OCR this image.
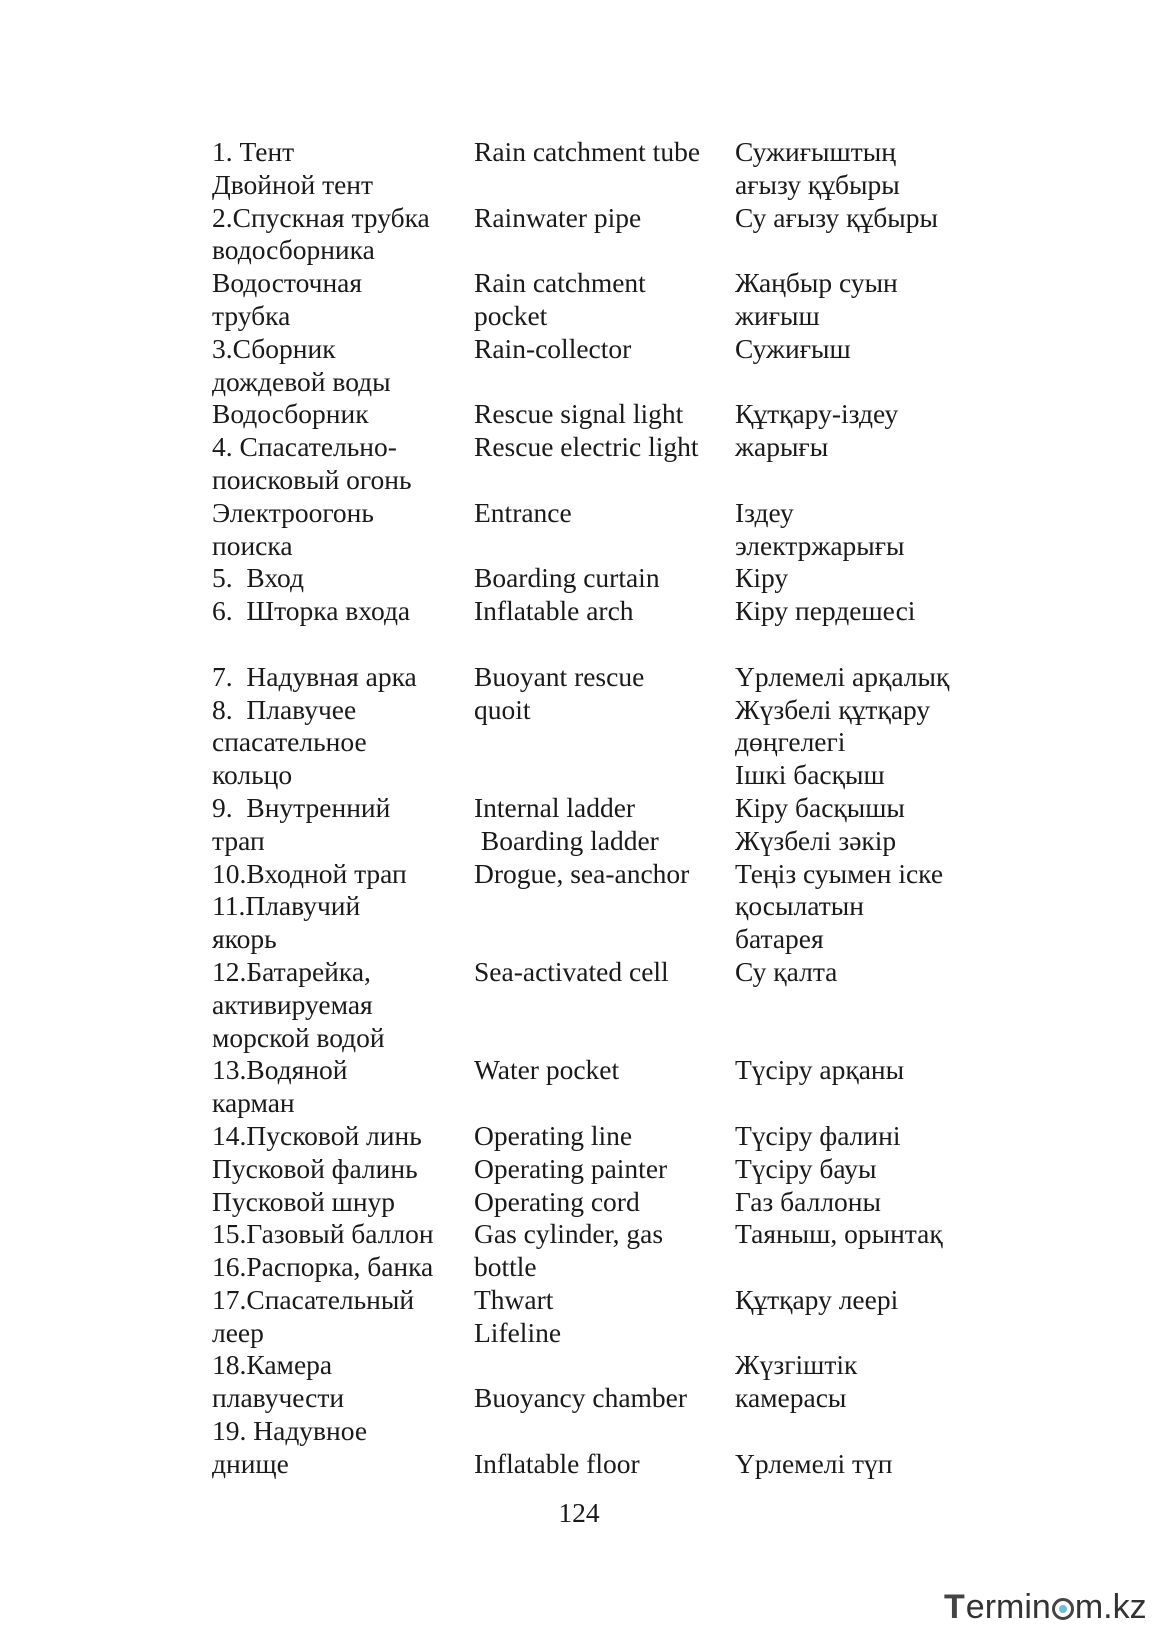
1. Тент
Двойной тент
2.Спускная трубка
водосборника
Водосточная
трубка
3.Сборник
дождевой воды
Водосборник
4. Спасательно-
поисковый огонь
Электроогонь
поиска
5.  Вход
6.  Шторка входа
7.  Надувная арка
8.  Плавучее
спасательное
кольцо
9.  Внутренний
трап
10.Входной трап
11.Плавучий
якорь
12.Батарейка,
активируемая
морской водой
13.Водяной
карман
14.Пусковой линь
Пусковой фалинь
Пусковой шнур
15.Газовый баллон
16.Распорка, банка
17.Спасательный
леер
18.Камера
плавучести
19. Надувное
днище
Rain catchment tube
Rainwater pipe
Rain catchment
pocket
Rain-collector
Rescue signal light
Rescue electric light
Entrance
Boarding curtain
Inflatable arch
Buoyant rescue
quoit
Internal ladder
Boarding ladder
Drogue, sea-anchor
Sea-activated cell
Water pocket
Operating line
Operating painter
Operating cord
Gas cylinder, gas
bottle
Thwart
Lifeline
Buoyancy chamber
Inflatable floor
Сужиғыштың
ағызу құбыры
Су ағызу құбыры
Жаңбыр суын
жиғыш
Сужиғыш
Құтқару-іздеу
жарығы
Іздеу
электржарығы
Кіру
Кіру пердешесі
Үрлемелі арқалық
Жүзбелі құтқару
дөңгелегі
Ішкі басқыш
Кіру басқышы
Жүзбелі зәкір
Теңіз суымен іске
қосылатын
батарея
Су қалта
Түсіру арқаны
Түсіру фалині
Түсіру бауы
Газ баллоны
Таяныш, орынтақ
Құтқару леері
Жүзгіштік
камерасы
Үрлемелі түп
124
Termin m.kz
